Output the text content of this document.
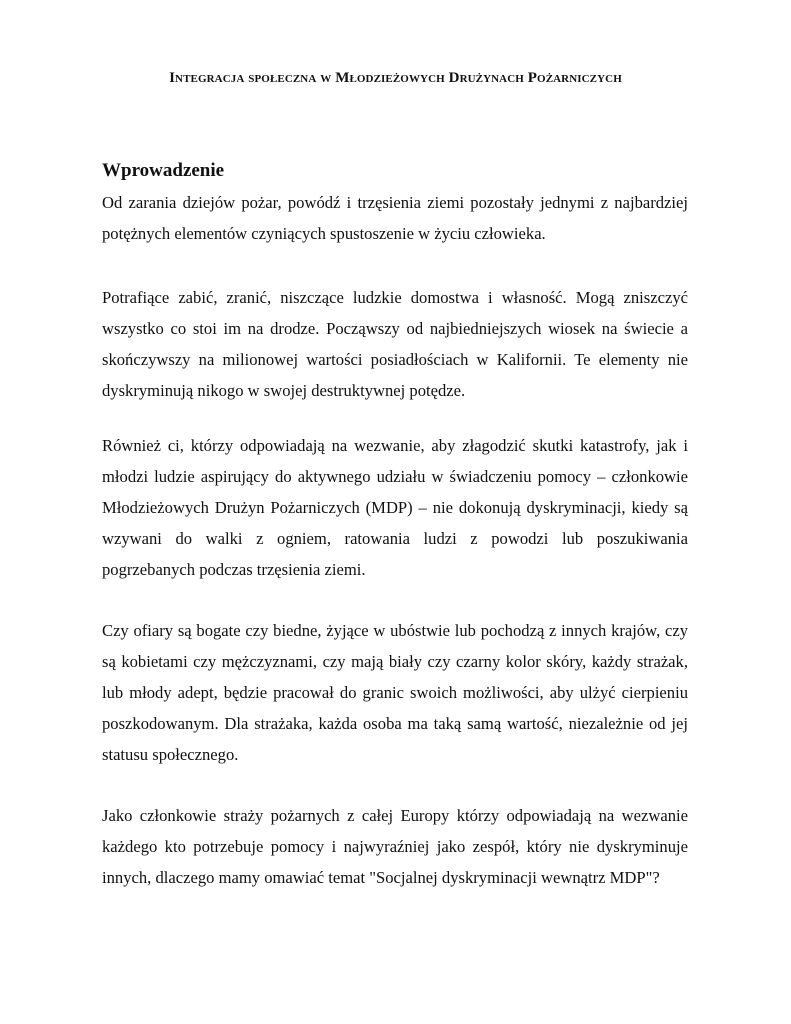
Integracja społeczna w Młodzieżowych Drużynach Pożarniczych
Wprowadzenie

Od zarania dziejów pożar, powódź i trzęsienia ziemi pozostały jednymi z najbardziej potężnych elementów czyniących spustoszenie w życiu człowieka.

Potrafiące zabić, zranić, niszczące ludzkie domostwa i własność. Mogą zniszczyć wszystko co stoi im na drodze. Począwszy od najbiedniejszych wiosek na świecie a skończywszy na milionowej wartości posiadłościach w Kalifornii. Te elementy nie dyskryminują nikogo w swojej destruktywnej potędze.

Również ci, którzy odpowiadają na wezwanie, aby złagodzić skutki katastrofy, jak i młodzi ludzie aspirujący do aktywnego udziału w świadczeniu pomocy – członkowie Młodzieżowych Drużyn Pożarniczych (MDP) – nie dokonują dyskryminacji, kiedy są wzywani do walki z ogniem, ratowania ludzi z powodzi lub poszukiwania pogrzebanych podczas trzęsienia ziemi.

Czy ofiary są bogate czy biedne, żyjące w ubóstwie lub pochodzą z innych krajów, czy są kobietami czy mężczyznami, czy mają biały czy czarny kolor skóry, każdy strażak, lub młody adept, będzie pracował do granic swoich możliwości, aby ulżyć cierpieniu poszkodowanym. Dla strażaka, każda osoba ma taką samą wartość, niezależnie od jej statusu społecznego.

Jako członkowie straży pożarnych z całej Europy którzy odpowiadają na wezwanie każdego kto potrzebuje pomocy i najwyraźniej jako zespół, który nie dyskryminuje innych, dlaczego mamy omawiać temat "Socjalnej dyskryminacji wewnątrz MDP"?
